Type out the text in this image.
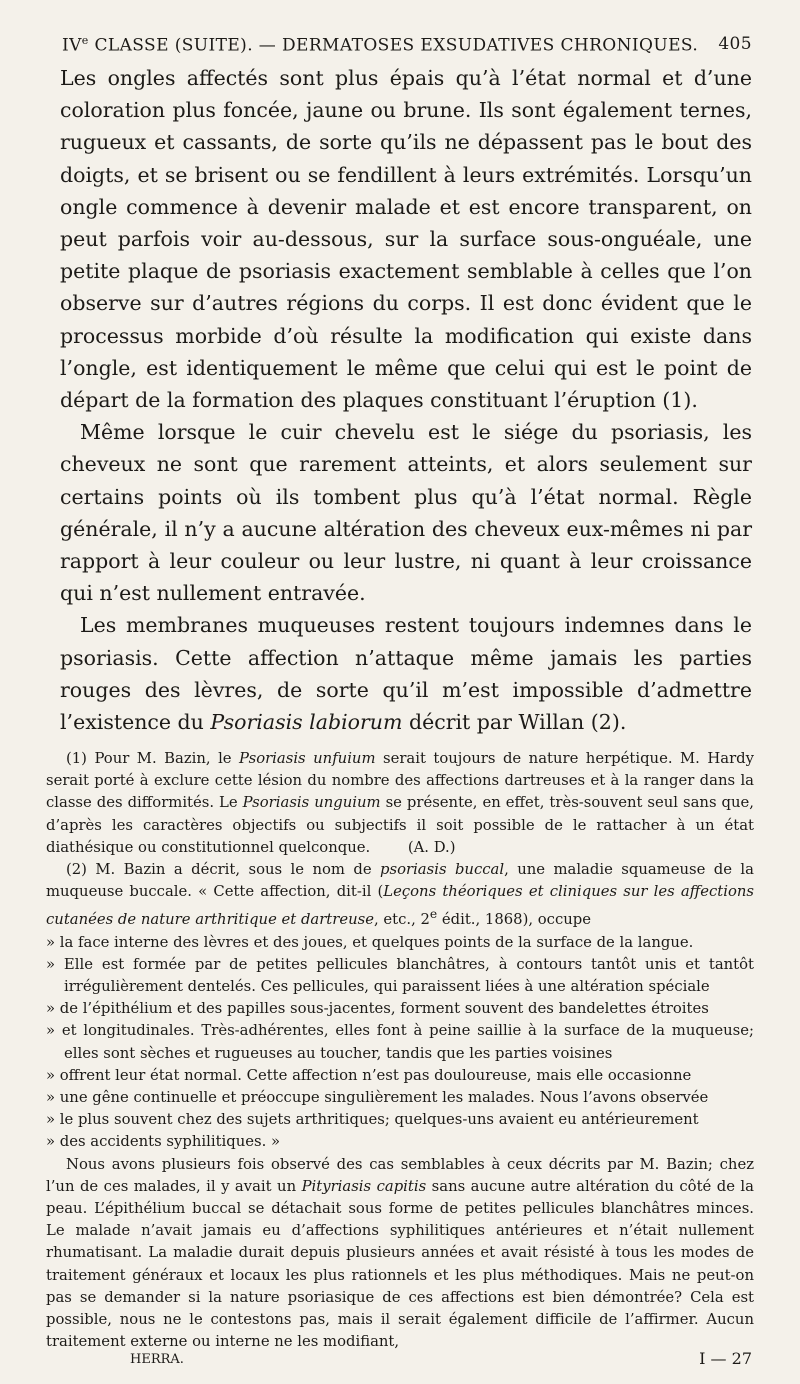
IVe CLASSE (SUITE). — DERMATOSES EXSUDATIVES CHRONIQUES. 405

Les ongles affectés sont plus épais qu’à l’état normal et d’une coloration plus foncée, jaune ou brune. Ils sont également ternes, rugueux et cassants, de sorte qu’ils ne dépassent pas le bout des doigts, et se brisent ou se fendillent à leurs extrémités. Lorsqu’un ongle commence à devenir malade et est encore transparent, on peut parfois voir au-dessous, sur la surface sous-onguéale, une petite plaque de psoriasis exactement semblable à celles que l’on observe sur d’autres régions du corps. Il est donc évident que le processus morbide d’où résulte la modification qui existe dans l’ongle, est identiquement le même que celui qui est le point de départ de la formation des plaques constituant l’éruption (1).

Même lorsque le cuir chevelu est le siége du psoriasis, les cheveux ne sont que rarement atteints, et alors seulement sur certains points où ils tombent plus qu’à l’état normal. Règle générale, il n’y a aucune altération des cheveux eux-mêmes ni par rapport à leur couleur ou leur lustre, ni quant à leur croissance qui n’est nullement entravée.

Les membranes muqueuses restent toujours indemnes dans le psoriasis. Cette affection n’attaque même jamais les parties rouges des lèvres, de sorte qu’il m’est impossible d’admettre l’existence du Psoriasis labiorum décrit par Willan (2).

(1) Pour M. Bazin, le Psoriasis unfuium serait toujours de nature herpétique. M. Hardy serait porté à exclure cette lésion du nombre des affections dartreuses et à la ranger dans la classe des difformités. Le Psoriasis unguium se présente, en effet, très-souvent seul sans que, d’après les caractères objectifs ou subjectifs il soit possible de le rattacher à un état diathésique ou constitutionnel quelconque.	(A. D.)

(2) M. Bazin a décrit, sous le nom de psoriasis buccal, une maladie squameuse de la muqueuse buccale. « Cette affection, dit-il (Leçons théoriques et cliniques sur les affections cutanées de nature arthritique et dartreuse, etc., 2e édit., 1868), occupe

» la face interne des lèvres et des joues, et quelques points de la surface de la langue.

» Elle est formée par de petites pellicules blanchâtres, à contours tantôt unis et tantôt irrégulièrement dentelés. Ces pellicules, qui paraissent liées à une altération spéciale

» de l’épithélium et des papilles sous-jacentes, forment souvent des bandelettes étroites

» et longitudinales. Très-adhérentes, elles font à peine saillie à la surface de la muqueuse; elles sont sèches et rugueuses au toucher, tandis que les parties voisines

» offrent leur état normal. Cette affection n’est pas douloureuse, mais elle occasionne

» une gêne continuelle et préoccupe singulièrement les malades. Nous l’avons observée

» le plus souvent chez des sujets arthritiques; quelques-uns avaient eu antérieurement

» des accidents syphilitiques. »

Nous avons plusieurs fois observé des cas semblables à ceux décrits par M. Bazin; chez l’un de ces malades, il y avait un Pityriasis capitis sans aucune autre altération du côté de la peau. L’épithélium buccal se détachait sous forme de petites pellicules blanchâtres minces. Le malade n’avait jamais eu d’affections syphilitiques antérieures et n’était nullement rhumatisant. La maladie durait depuis plusieurs années et avait résisté à tous les modes de traitement généraux et locaux les plus rationnels et les plus méthodiques. Mais ne peut-on pas se demander si la nature psoriasique de ces affections est bien démontrée? Cela est possible, nous ne le contestons pas, mais il serait également difficile de l’affirmer. Aucun traitement externe ou interne ne les modifiant,

HERRA.	I — 27
